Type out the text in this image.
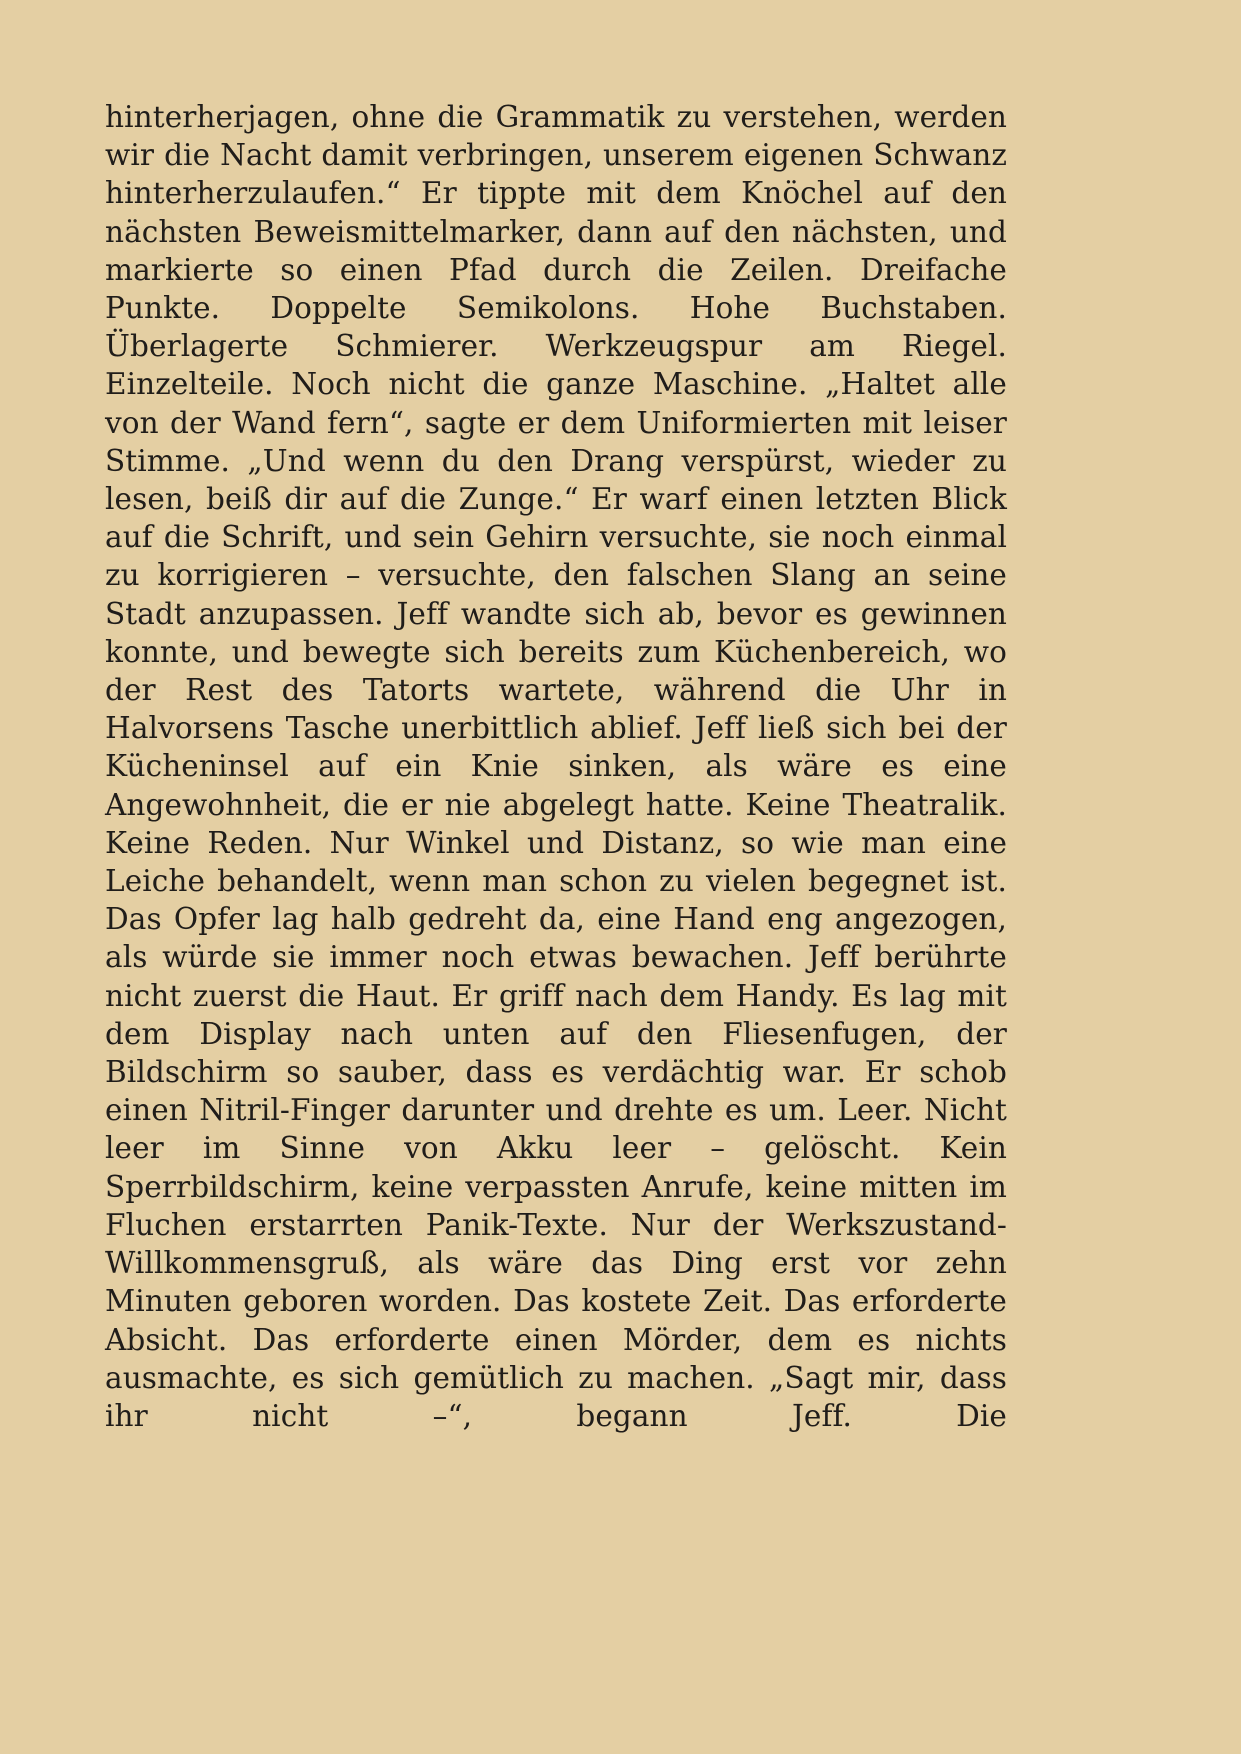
hinterherjagen, ohne die Grammatik zu verstehen, werden wir die Nacht damit verbringen, unserem eigenen Schwanz hinterherzulaufen.“ Er tippte mit dem Knöchel auf den nächsten Beweismittelmarker, dann auf den nächsten, und markierte so einen Pfad durch die Zeilen. Dreifache Punkte. Doppelte Semikolons. Hohe Buchstaben. Überlagerte Schmierer. Werkzeugspur am Riegel. Einzelteile. Noch nicht die ganze Maschine. „Haltet alle von der Wand fern“, sagte er dem Uniformierten mit leiser Stimme. „Und wenn du den Drang verspürst, wieder zu lesen, beiß dir auf die Zunge.“ Er warf einen letzten Blick auf die Schrift, und sein Gehirn versuchte, sie noch einmal zu korrigieren – versuchte, den falschen Slang an seine Stadt anzupassen. Jeff wandte sich ab, bevor es gewinnen konnte, und bewegte sich bereits zum Küchenbereich, wo der Rest des Tatorts wartete, während die Uhr in Halvorsens Tasche unerbittlich ablief. Jeff ließ sich bei der Kücheninsel auf ein Knie sinken, als wäre es eine Angewohnheit, die er nie abgelegt hatte. Keine Theatralik. Keine Reden. Nur Winkel und Distanz, so wie man eine Leiche behandelt, wenn man schon zu vielen begegnet ist. Das Opfer lag halb gedreht da, eine Hand eng angezogen, als würde sie immer noch etwas bewachen. Jeff berührte nicht zuerst die Haut. Er griff nach dem Handy. Es lag mit dem Display nach unten auf den Fliesenfugen, der Bildschirm so sauber, dass es verdächtig war. Er schob einen Nitril-Finger darunter und drehte es um. Leer. Nicht leer im Sinne von Akku leer – gelöscht. Kein Sperrbildschirm, keine verpassten Anrufe, keine mitten im Fluchen erstarrten Panik-Texte. Nur der Werkszustand-Willkommensgruß, als wäre das Ding erst vor zehn Minuten geboren worden. Das kostete Zeit. Das erforderte Absicht. Das erforderte einen Mörder, dem es nichts ausmachte, es sich gemütlich zu machen. „Sagt mir, dass ihr nicht –“, begann Jeff. Die
